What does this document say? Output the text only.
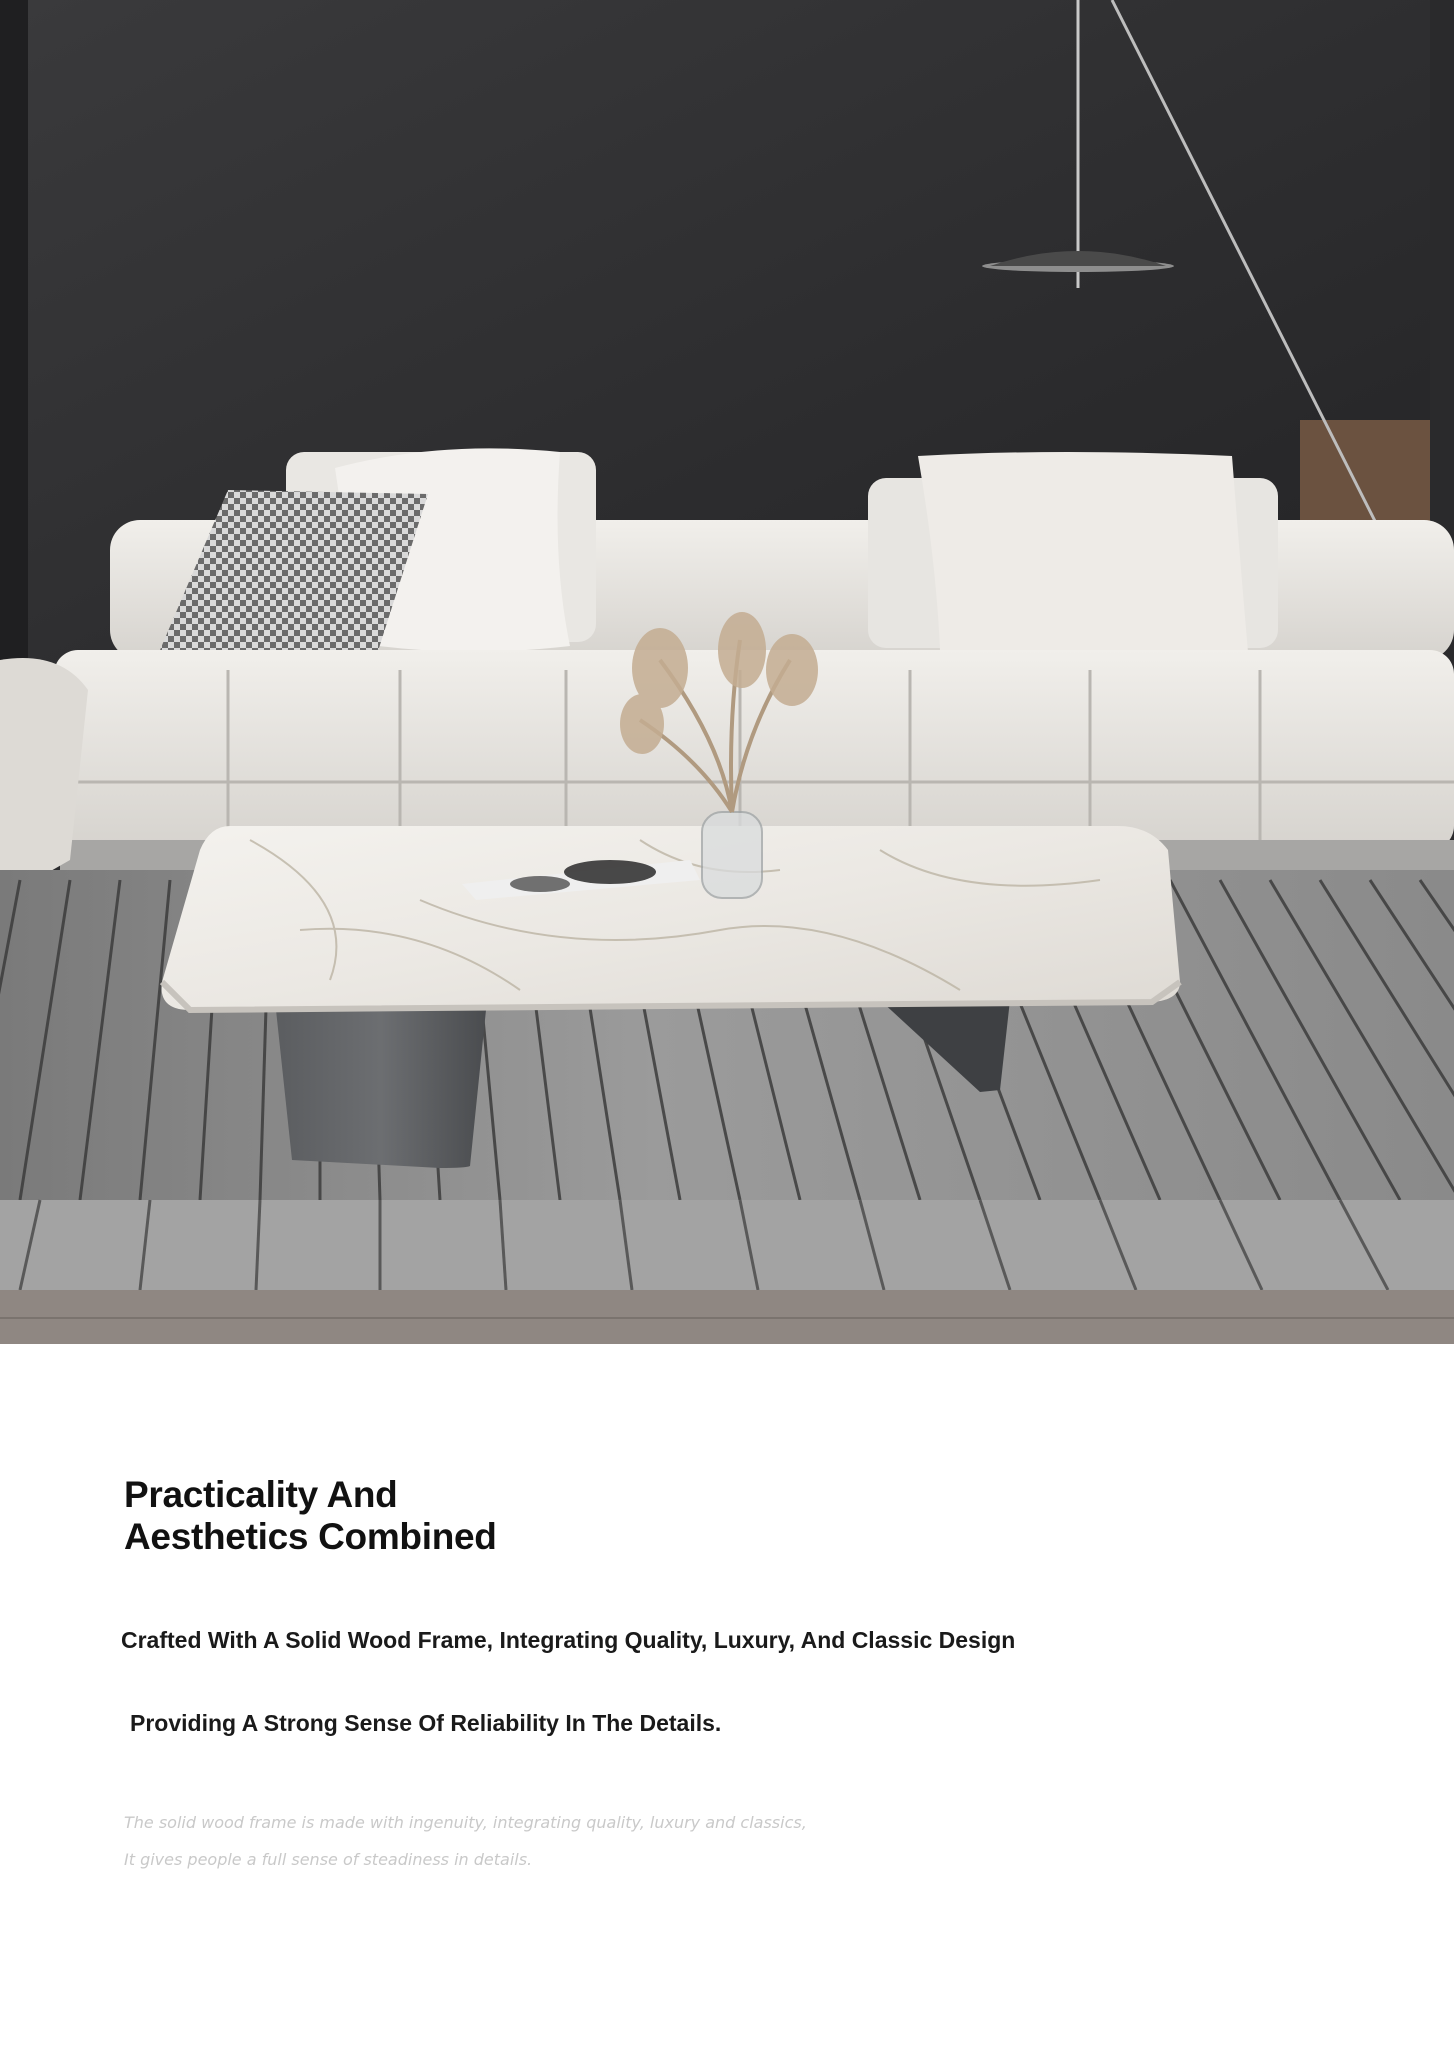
Practicality And
Aesthetics Combined

Crafted With A Solid Wood Frame, Integrating Quality, Luxury, And Classic Design

Providing A Strong Sense Of Reliability In The Details.

The solid wood frame is made with ingenuity, integrating quality, luxury and classics,

It gives people a full sense of steadiness in details.
